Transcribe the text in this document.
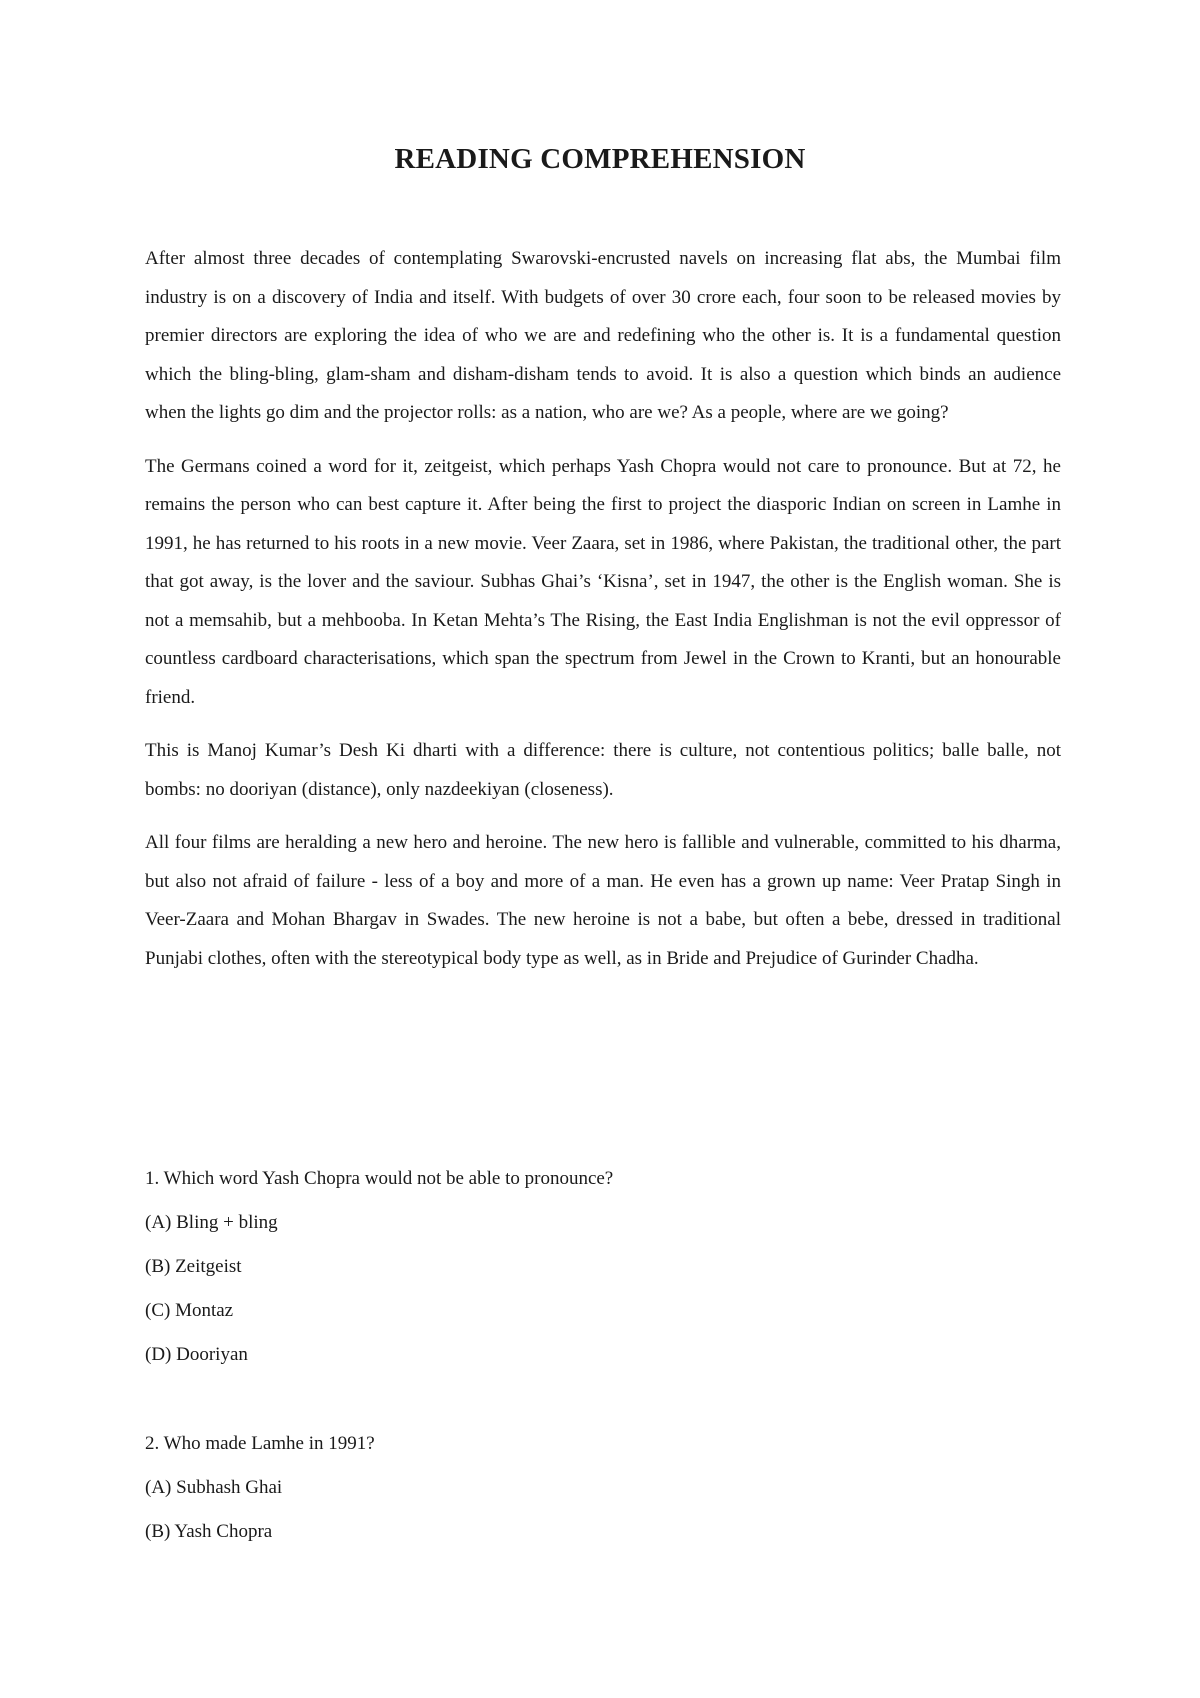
READING COMPREHENSION

After almost three decades of contemplating Swarovski-encrusted navels on increasing flat abs, the Mumbai film industry is on a discovery of India and itself. With budgets of over 30 crore each, four soon to be released movies by premier directors are exploring the idea of who we are and redefining who the other is. It is a fundamental question which the bling-bling, glam-sham and disham-disham tends to avoid. It is also a question which binds an audience when the lights go dim and the projector rolls: as a nation, who are we? As a people, where are we going?

The Germans coined a word for it, zeitgeist, which perhaps Yash Chopra would not care to pronounce. But at 72, he remains the person who can best capture it. After being the first to project the diasporic Indian on screen in Lamhe in 1991, he has returned to his roots in a new movie. Veer Zaara, set in 1986, where Pakistan, the traditional other, the part that got away, is the lover and the saviour. Subhas Ghai’s ‘Kisna’, set in 1947, the other is the English woman. She is not a memsahib, but a mehbooba. In Ketan Mehta’s The Rising, the East India Englishman is not the evil oppressor of countless cardboard characterisations, which span the spectrum from Jewel in the Crown to Kranti, but an honourable friend.

This is Manoj Kumar’s Desh Ki dharti with a difference: there is culture, not contentious politics; balle balle, not bombs: no dooriyan (distance), only nazdeekiyan (closeness).

All four films are heralding a new hero and heroine. The new hero is fallible and vulnerable, committed to his dharma, but also not afraid of failure - less of a boy and more of a man. He even has a grown up name: Veer Pratap Singh in Veer-Zaara and Mohan Bhargav in Swades. The new heroine is not a babe, but often a bebe, dressed in traditional Punjabi clothes, often with the stereotypical body type as well, as in Bride and Prejudice of Gurinder Chadha.

1. Which word Yash Chopra would not be able to pronounce?

(A) Bling + bling

(B) Zeitgeist

(C) Montaz

(D) Dooriyan

2. Who made Lamhe in 1991?

(A) Subhash Ghai

(B) Yash Chopra
